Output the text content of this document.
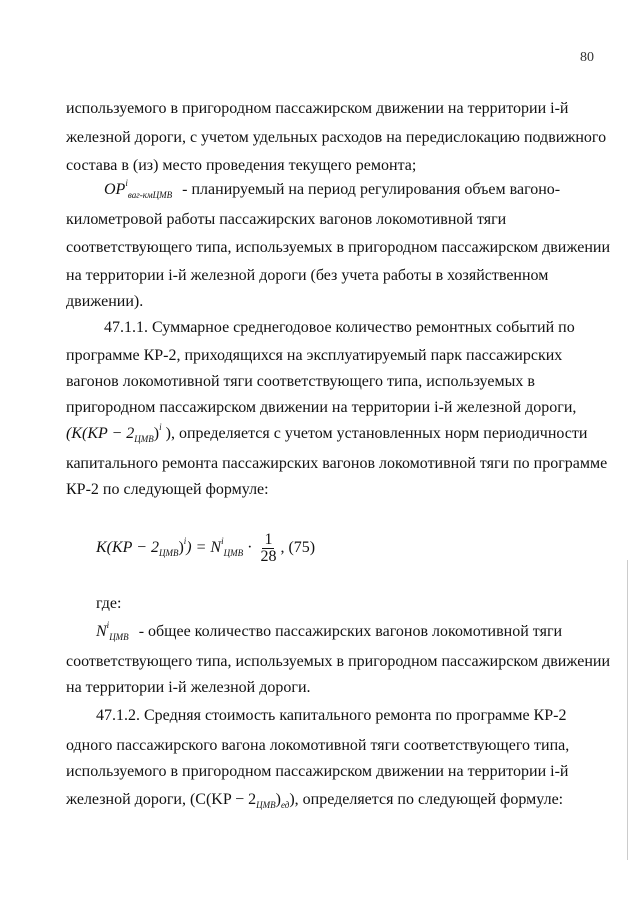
80
используемого в пригородном пассажирском движении на территории i-й
железной дороги, с учетом удельных расходов на передислокацию подвижного
состава в (из) место проведения текущего ремонта;
$OP^i_{ваг-кмЦМВ}$ - планируемый на период регулирования объем вагоно-
километровой работы пассажирских вагонов локомотивной тяги
соответствующего типа, используемых в пригородном пассажирском движении
на территории i-й железной дороги (без учета работы в хозяйственном
движении).
47.1.1. Суммарное среднегодовое количество ремонтных событий по
программе КР-2, приходящихся на эксплуатируемый парк пассажирских
вагонов локомотивной тяги соответствующего типа, используемых в
пригородном пассажирском движении на территории i-й железной дороги,
($K(KP - 2_{ЦМВ})^i$ ), определяется с учетом установленных норм периодичности
капитального ремонта пассажирских вагонов локомотивной тяги по программе
КР-2 по следующей формуле:
$K(KP - 2_{ЦМВ})^i) = N^i_{ЦМВ} \cdot \frac{1}{28}$ , (75)
где:
$N^i_{ЦМВ}$ - общее количество пассажирских вагонов локомотивной тяги
соответствующего типа, используемых в пригородном пассажирском движении
на территории i-й железной дороги.
47.1.2. Средняя стоимость капитального ремонта по программе КР-2
одного пассажирского вагона локомотивной тяги соответствующего типа,
используемого в пригородном пассажирском движении на территории i-й
железной дороги, $(C(KP - 2_{ЦМВ})_{ед})$, определяется по следующей формуле:
